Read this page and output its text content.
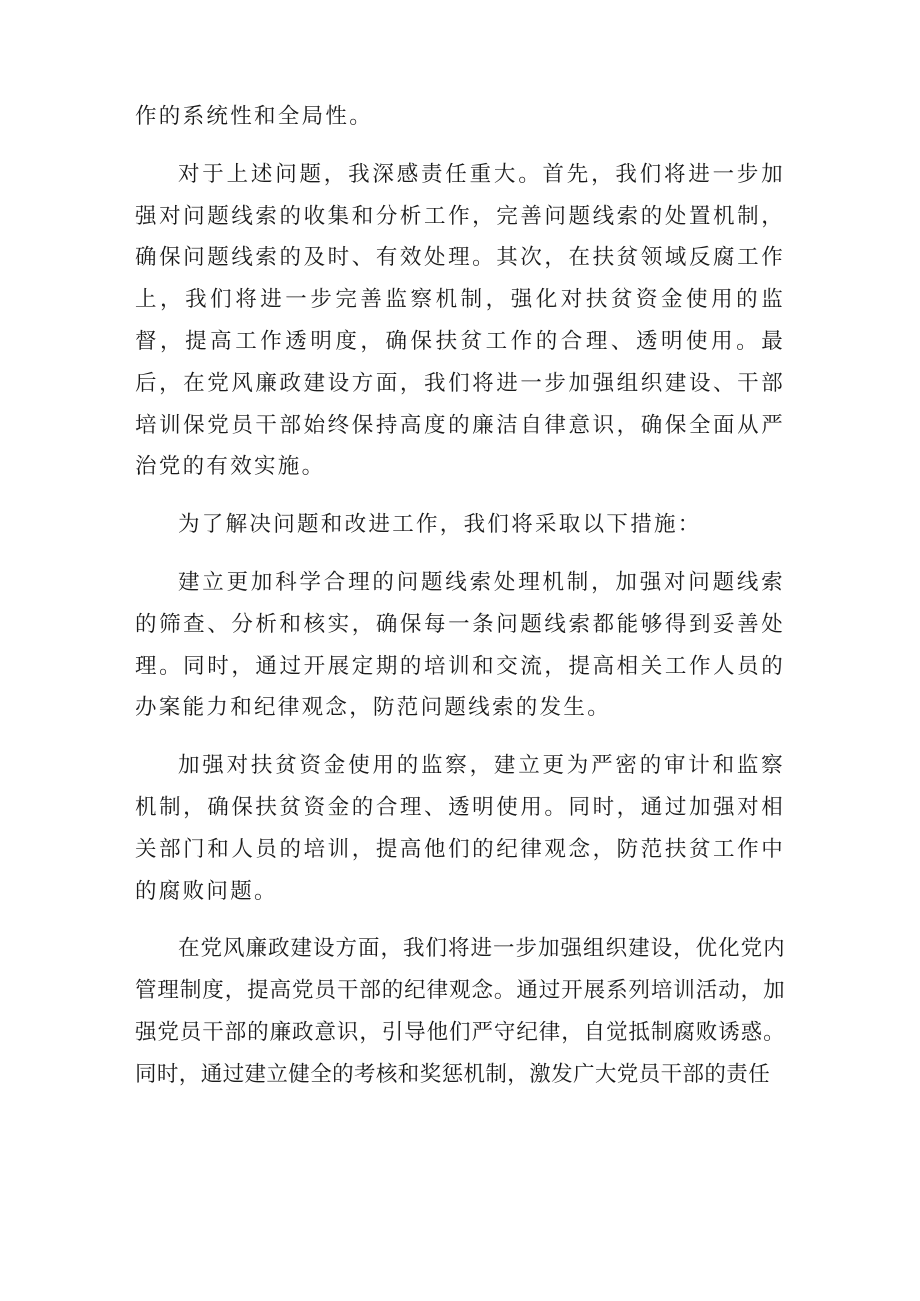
作的系统性和全局性。

对于上述问题，我深感责任重大。首先，我们将进一步加强对问题线索的收集和分析工作，完善问题线索的处置机制，确保问题线索的及时、有效处理。其次，在扶贫领域反腐工作上，我们将进一步完善监察机制，强化对扶贫资金使用的监督，提高工作透明度，确保扶贫工作的合理、透明使用。最后，在党风廉政建设方面，我们将进一步加强组织建设、干部培训保党员干部始终保持高度的廉洁自律意识，确保全面从严治党的有效实施。

为了解决问题和改进工作，我们将采取以下措施：

建立更加科学合理的问题线索处理机制，加强对问题线索的筛查、分析和核实，确保每一条问题线索都能够得到妥善处理。同时，通过开展定期的培训和交流，提高相关工作人员的办案能力和纪律观念，防范问题线索的发生。

加强对扶贫资金使用的监察，建立更为严密的审计和监察机制，确保扶贫资金的合理、透明使用。同时，通过加强对相关部门和人员的培训，提高他们的纪律观念，防范扶贫工作中的腐败问题。

在党风廉政建设方面，我们将进一步加强组织建设，优化党内管理制度，提高党员干部的纪律观念。通过开展系列培训活动，加强党员干部的廉政意识，引导他们严守纪律，自觉抵制腐败诱惑。同时，通过建立健全的考核和奖惩机制，激发广大党员干部的责任
